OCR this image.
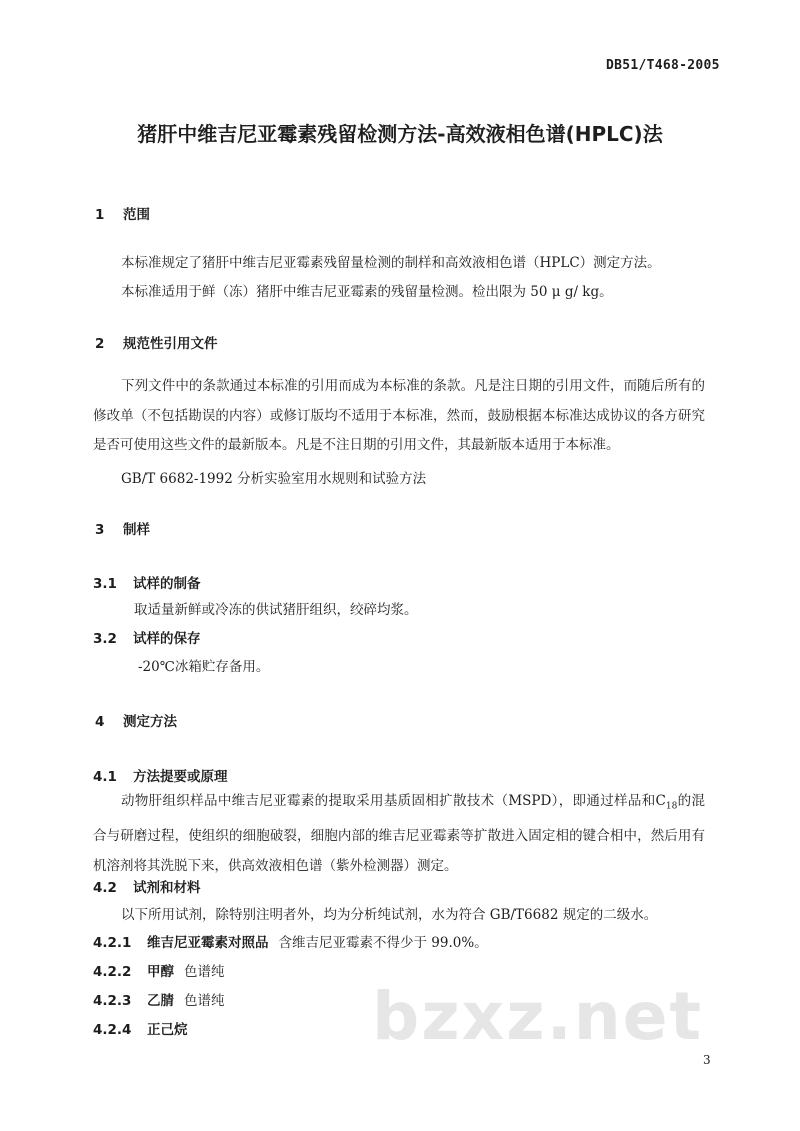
DB51/T468-2005
猪肝中维吉尼亚霉素残留检测方法-高效液相色谱(HPLC)法
1 范围
本标准规定了猪肝中维吉尼亚霉素残留量检测的制样和高效液相色谱（HPLC）测定方法。
本标准适用于鲜（冻）猪肝中维吉尼亚霉素的残留量检测。检出限为 50 μ g/ kg。
2 规范性引用文件
下列文件中的条款通过本标准的引用而成为本标准的条款。凡是注日期的引用文件，而随后所有的修改单（不包括勘误的内容）或修订版均不适用于本标准，然而，鼓励根据本标准达成协议的各方研究是否可使用这些文件的最新版本。凡是不注日期的引用文件，其最新版本适用于本标准。
GB/T 6682-1992 分析实验室用水规则和试验方法
3 制样
3.1 试样的制备
取适量新鲜或冷冻的供试猪肝组织，绞碎均浆。
3.2 试样的保存
-20℃冰箱贮存备用。
4 测定方法
4.1 方法提要或原理
动物肝组织样品中维吉尼亚霉素的提取采用基质固相扩散技术（MSPD），即通过样品和$C_{18}$的混合与研磨过程，使组织的细胞破裂，细胞内部的维吉尼亚霉素等扩散进入固定相的键合相中，然后用有机溶剂将其洗脱下来，供高效液相色谱（紫外检测器）测定。
4.2 试剂和材料
以下所用试剂，除特别注明者外，均为分析纯试剂，水为符合 GB/T6682 规定的二级水。
4.2.1 维吉尼亚霉素对照品 含维吉尼亚霉素不得少于 99.0%。
4.2.2 甲醇 色谱纯
4.2.3 乙腈 色谱纯
4.2.4 正己烷	bzxz.net
3
